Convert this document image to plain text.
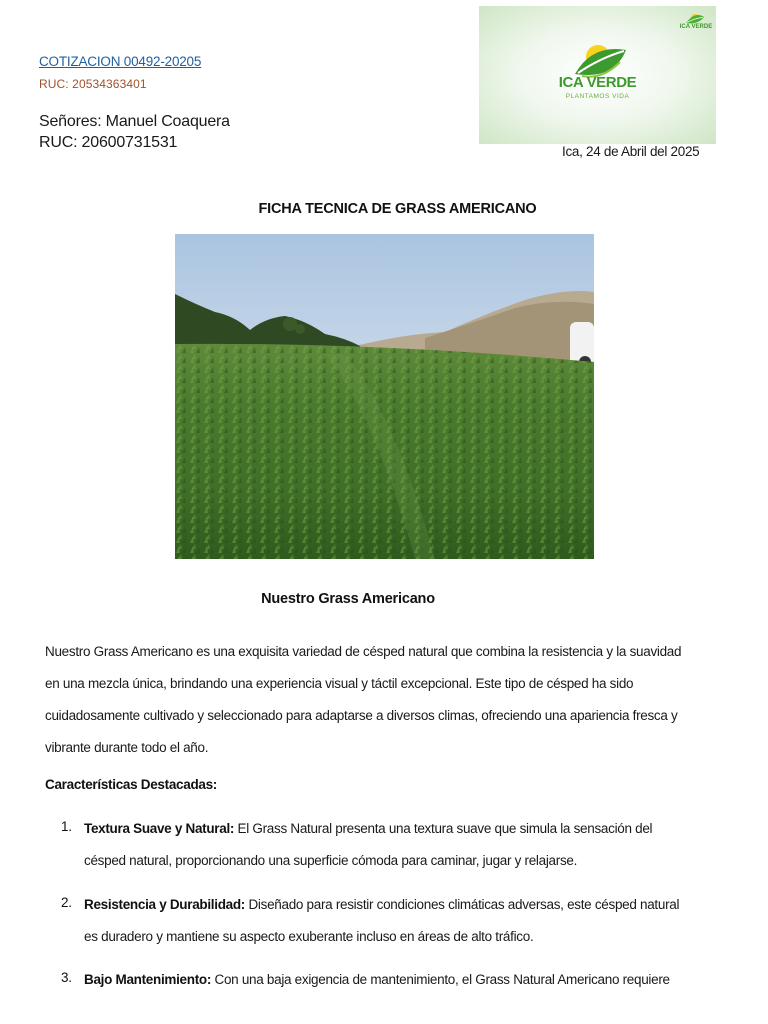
COTIZACION 00492-20205
RUC: 20534363401
Señores: Manuel Coaquera
RUC: 20600731531
ICA VERDE
ICA VERDE
PLANTAMOS VIDA
Ica, 24 de Abril del 2025
FICHA TECNICA DE GRASS AMERICANO
Nuestro Grass Americano
Nuestro Grass Americano es una exquisita variedad de césped natural que combina la resistencia y la suavidad
en una mezcla única, brindando una experiencia visual y táctil excepcional. Este tipo de césped ha sido
cuidadosamente cultivado y seleccionado para adaptarse a diversos climas, ofreciendo una apariencia fresca y
vibrante durante todo el año.
Características Destacadas:
1. Textura Suave y Natural: El Grass Natural presenta una textura suave que simula la sensación del
césped natural, proporcionando una superficie cómoda para caminar, jugar y relajarse.
2. Resistencia y Durabilidad: Diseñado para resistir condiciones climáticas adversas, este césped natural
es duradero y mantiene su aspecto exuberante incluso en áreas de alto tráfico.
3. Bajo Mantenimiento: Con una baja exigencia de mantenimiento, el Grass Natural Americano requiere
